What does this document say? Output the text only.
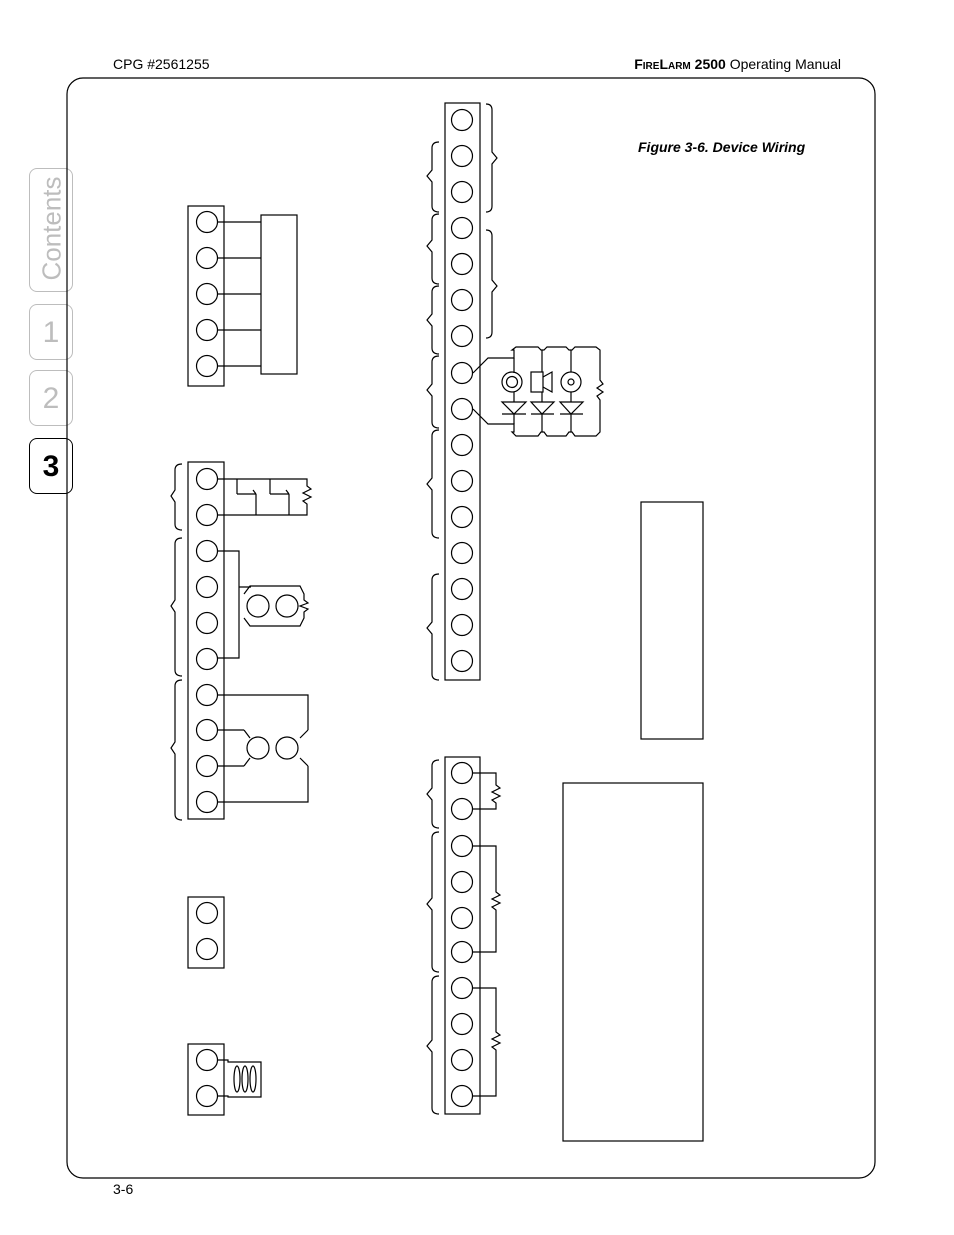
CPG #2561255	FireLarm 2500 Operating Manual
Contents
1
2
3
Figure 3-6. Device Wiring
3-6
